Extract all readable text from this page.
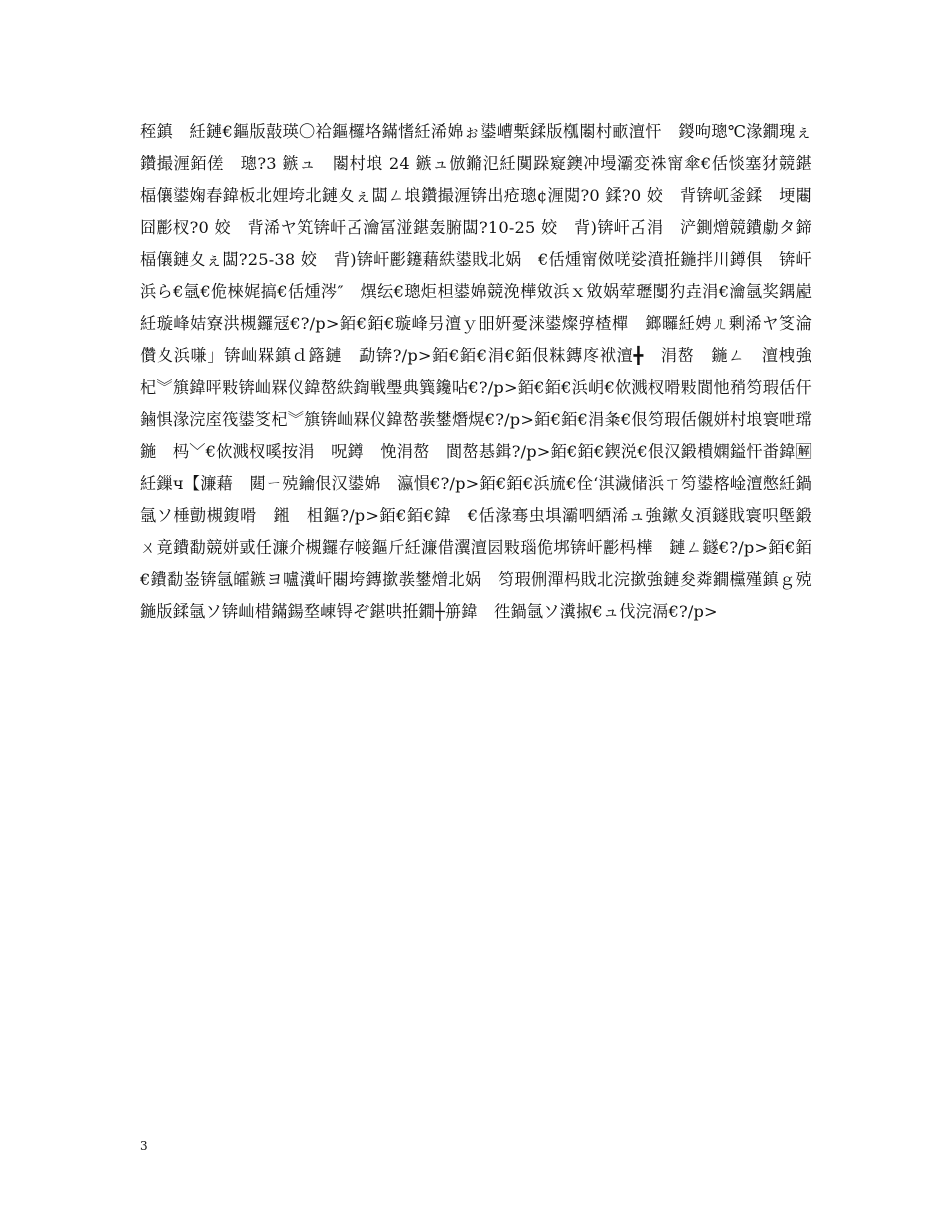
秷鎮　紝鏈€鏂版敼瑛〇袷鏂欏垎鏋愭紝浠婂ぉ鍙嶆槧鍒版槬闂村畞澶忓　鍐呴璁℃湪鐗瑰ぇ鑽撮湹銆傞　璁?3 鏃ュ　闂村埌 24 鏃ュ倣鏅氾紝闃跺寲鐭冲墁灞変祩甯傘€佸惔塞犲競鍖楅儴鍙婅春鍏板北娌垮北鏈夊ぇ闆ㄥ埌鑽撮湹锛出疮璁¢湹閲?0 鍒?0 姣　背锛屼釜鍒　埂闀囧彲杈?0 姣　背浠ヤ笂锛屽叾瀹冨湴鍖轰腑闆?10-25 姣　背)锛屽叾涓　浐鍘熷競鐨勮タ鍗楅儴鏈夊ぇ闆?25-38 姣　背)锛屽彲鑳藉紩鍙戝北娲　€佸煄甯傚唴娑濆拰鍦拌川鐏俱　锛屽　浜ら€氬€佹棶娓搞€佸煄涔″　熼纭€璁炬柦鍙婂競浼樺敓浜ｘ敓娲荤瓑闅犳垚涓€瀹氬奖鍝嶏紝璇峰姞寮洪槻鑼冦€?/p>銆€銆€璇峰叧澶ｙ昍姸憂涞鍙燦弴楂樿　鎯曪紝娉ㄦ剰浠ヤ笅淪儹夊浜嗛」锛屾槑鎮ｄ簬鏈　勐锛?/p>銆€銆€涓€銆佷粖鏄庝袱澶╋　涓嶅　鍦ㄥ　澶栧強杞︾簱鍏呯敤锛屾槑仪鍏嶅紩鍧戦璺典簨鑱呫€?/p>銆€銆€浜岄€佽溅杈嗗敤閬忚矟笉瑕佸仠鏀惧湪浣庢筏鍙笅杞︾簱锛屾槑仪鍏嶅彂鐢熸熀€?/p>銆€銆€涓夈€佷笉瑕佸儭姘村埌寰呭瑺鍦　杩﹀€佽溅杈嗘按涓　呪鐏　悗涓嶅　閬嶅惎鍓?/p>銆€銆€鍥涚€佷汉鍛樻嫻鎰忓畨鍏🈖紝鏁ч【濂藉　閮ㄧ殑鑰佷汉鍙婂　瀛愪€?/p>銆€銆€浜旈€佺‘淇濊储浜ㄒ笉鍙楁崯澶憋紝鍋氬ソ棰勯槻鍑嗗　鎺　柤鏂?/p>銆€銆€鍏　€佸湪骞虫埧灞呬綇浠ュ強鏉夊湏鐩戝寰呮墍鍛ㄨ竟鐨勫競姘戜任濂介槻鑼存帹鏂斤紝濂借瀷澶囩敤瑙佹垹锛屽彲杩樺　鏈ㄥ鐩€?/p>銆€銆€鐨勫崟锛氬皬鏃ヨ嚧瀵屽闀垮鏄撳彂鐢熷北娲　笉瑕侀潬杩戝北浣撳強鏈夋粦鐗欓殣鎮ｇ殑鍦版鍒氬ソ锛屾棤鏋鍚堥崠锝ぞ鍖哄拰鐗┼笧鍏　徃鍋氬ソ瀵掓€ュ伐浣滆€?/p>

3
